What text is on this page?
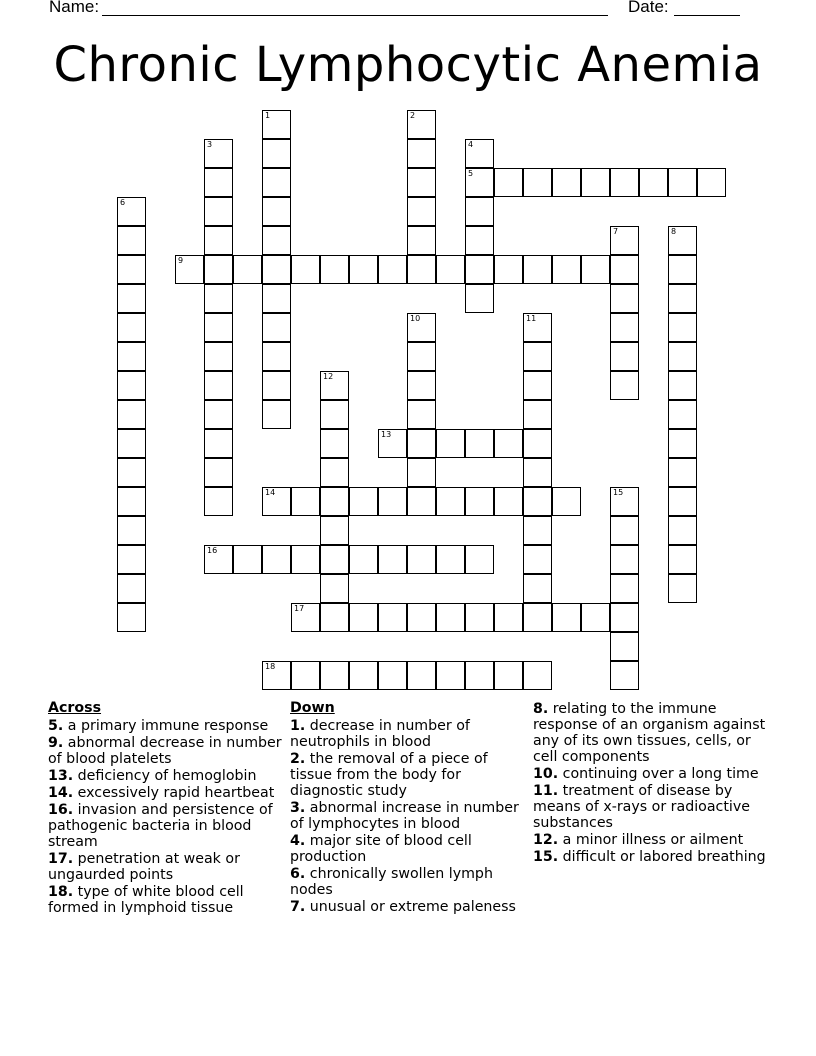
Name:	Date:
Chronic Lymphocytic Anemia
1	2
3	4
5
6
7	8
9
10	11
12
13
14	15
16
17
18
Across
5. a primary immune response
9. abnormal decrease in number of blood platelets
13. deficiency of hemoglobin
14. excessively rapid heartbeat
16. invasion and persistence of pathogenic bacteria in blood stream
17. penetration at weak or ungaurded points
18. type of white blood cell formed in lymphoid tissue
Down
1. decrease in number of neutrophils in blood
2. the removal of a piece of tissue from the body for diagnostic study
3. abnormal increase in number of lymphocytes in blood
4. major site of blood cell production
6. chronically swollen lymph nodes
7. unusual or extreme paleness
8. relating to the immune response of an organism against any of its own tissues, cells, or cell components
10. continuing over a long time
11. treatment of disease by means of x-rays or radioactive substances
12. a minor illness or ailment
15. difficult or labored breathing
